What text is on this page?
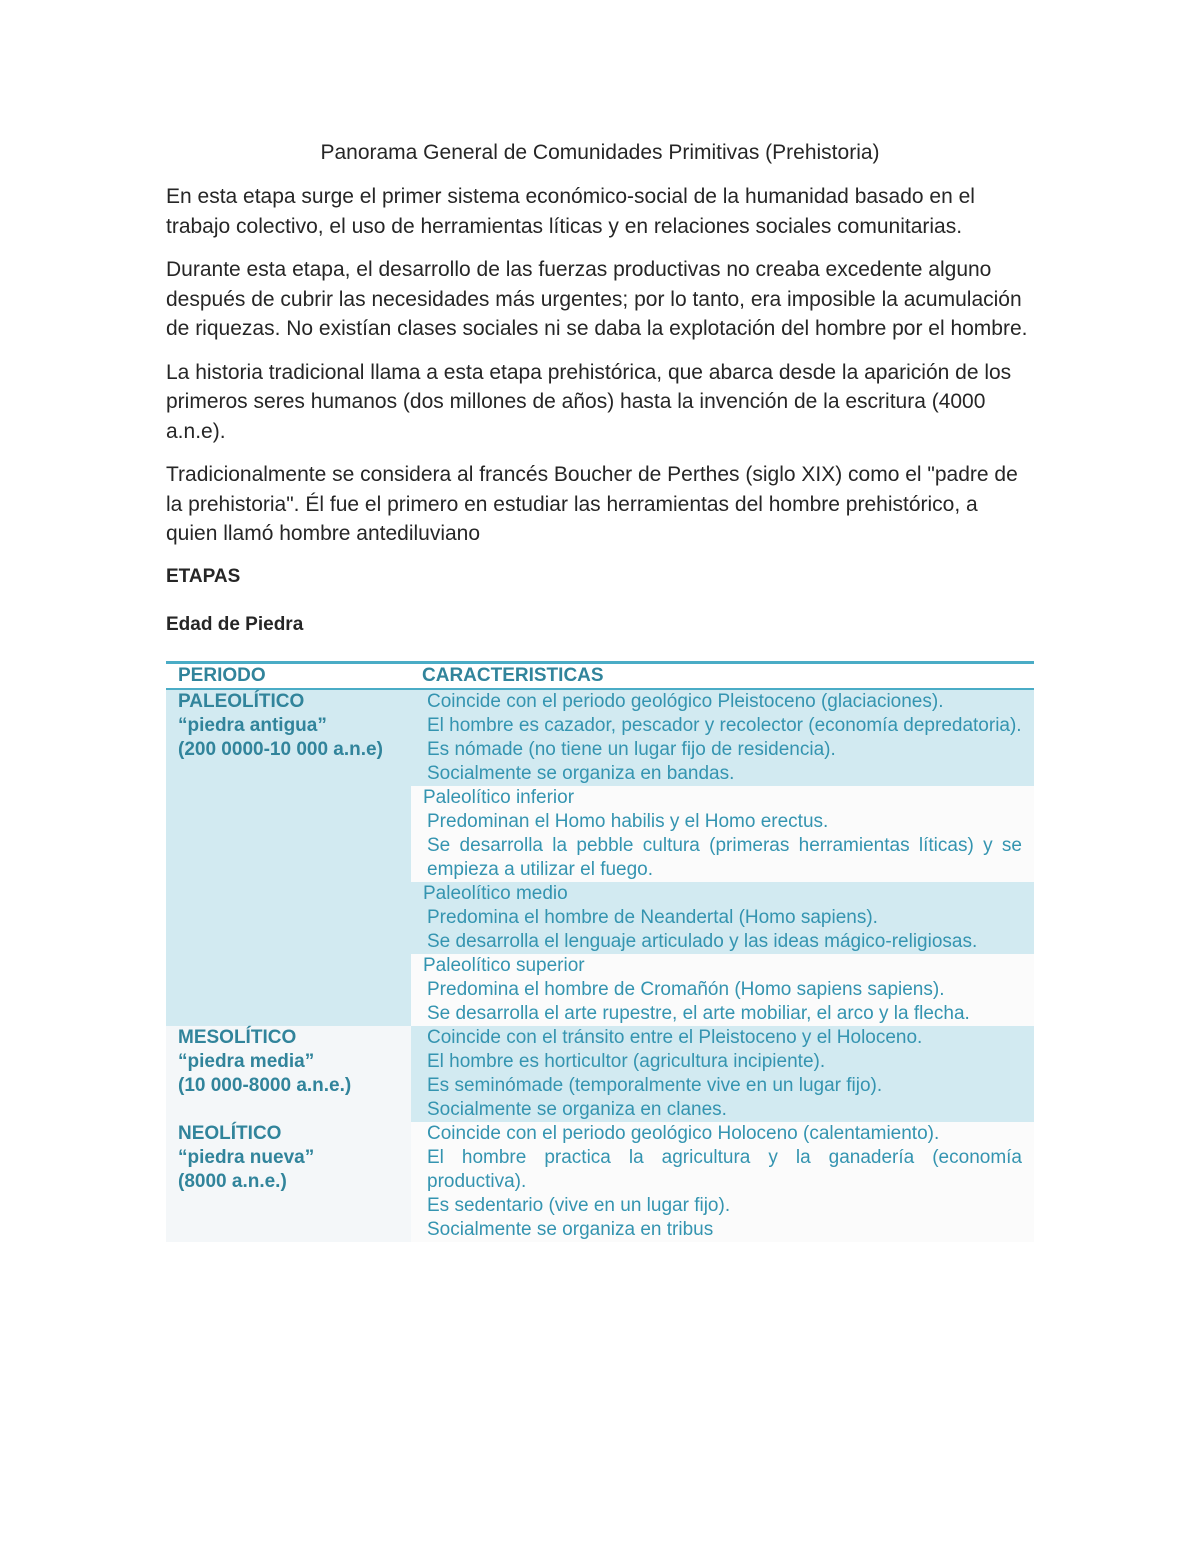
Panorama General de Comunidades Primitivas (Prehistoria)

En esta etapa surge el primer sistema económico-social de la humanidad basado en el trabajo colectivo, el uso de herramientas líticas y en relaciones sociales comunitarias.

Durante esta etapa, el desarrollo de las fuerzas productivas no creaba excedente alguno después de cubrir las necesidades más urgentes; por lo tanto, era imposible la acumulación de riquezas. No existían clases sociales ni se daba la explotación del hombre por el hombre.

La historia tradicional llama a esta etapa prehistórica, que abarca desde la aparición de los primeros seres humanos (dos millones de años) hasta la invención de la escritura (4000 a.n.e).

Tradicionalmente se considera al francés Boucher de Perthes (siglo XIX) como el "padre de la prehistoria". Él fue el primero en estudiar las herramientas del hombre prehistórico, a quien llamó hombre antediluviano

ETAPAS
Edad de Piedra
PERIODO	CARACTERISTICAS
PALEOLÍTICO
“piedra antigua”
(200 0000-10 000 a.n.e)
Coincide con el periodo geológico Pleistoceno (glaciaciones).
El hombre es cazador, pescador y recolector (economía depredatoria).
Es nómade (no tiene un lugar fijo de residencia).
Socialmente se organiza en bandas.
Paleolítico inferior
Predominan el Homo habilis y el Homo erectus.
Se desarrolla la pebble cultura (primeras herramientas líticas) y se empieza a utilizar el fuego.
Paleolítico medio
Predomina el hombre de Neandertal (Homo sapiens).
Se desarrolla el lenguaje articulado y las ideas mágico-religiosas.
Paleolítico superior
Predomina el hombre de Cromañón (Homo sapiens sapiens).
Se desarrolla el arte rupestre, el arte mobiliar, el arco y la flecha.
MESOLÍTICO
“piedra media”
(10 000-8000 a.n.e.)
Coincide con el tránsito entre el Pleistoceno y el Holoceno.
El hombre es horticultor (agricultura incipiente).
Es seminómade (temporalmente vive en un lugar fijo).
Socialmente se organiza en clanes.
NEOLÍTICO
“piedra nueva”
(8000 a.n.e.)
Coincide con el periodo geológico Holoceno (calentamiento).
El hombre practica la agricultura y la ganadería (economía productiva).
Es sedentario (vive en un lugar fijo).
Socialmente se organiza en tribus
